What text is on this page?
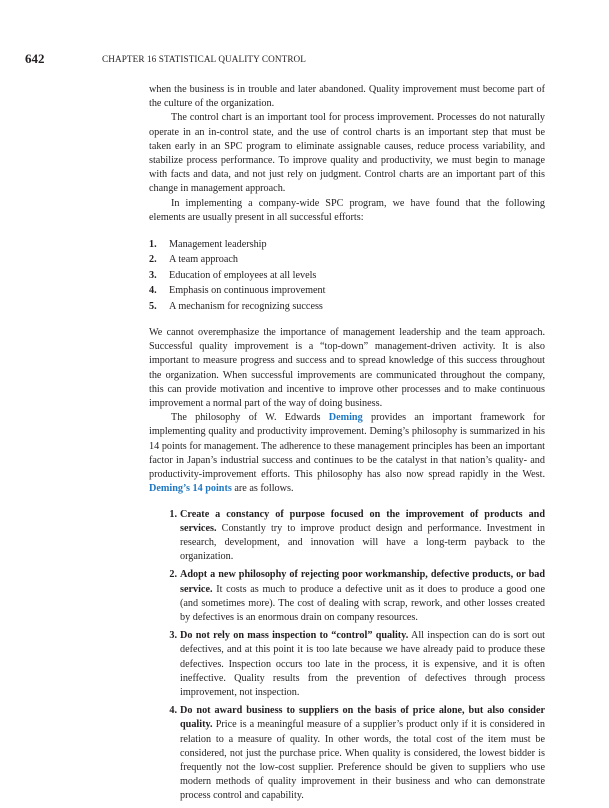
642	CHAPTER 16 STATISTICAL QUALITY CONTROL

when the business is in trouble and later abandoned. Quality improvement must become part of the culture of the organization.

The control chart is an important tool for process improvement. Processes do not naturally operate in an in-control state, and the use of control charts is an important step that must be taken early in an SPC program to eliminate assignable causes, reduce process variability, and stabilize process performance. To improve quality and productivity, we must begin to manage with facts and data, and not just rely on judgment. Control charts are an important part of this change in management approach.

In implementing a company-wide SPC program, we have found that the following elements are usually present in all successful efforts:

1. Management leadership
2. A team approach
3. Education of employees at all levels
4. Emphasis on continuous improvement
5. A mechanism for recognizing success

We cannot overemphasize the importance of management leadership and the team approach. Successful quality improvement is a “top-down” management-driven activity. It is also important to measure progress and success and to spread knowledge of this success throughout the organization. When successful improvements are communicated throughout the company, this can provide motivation and incentive to improve other processes and to make continuous improvement a normal part of the way of doing business.

The philosophy of W. Edwards Deming provides an important framework for implementing quality and productivity improvement. Deming’s philosophy is summarized in his 14 points for management. The adherence to these management principles has been an important factor in Japan’s industrial success and continues to be the catalyst in that nation’s quality- and productivity-improvement efforts. This philosophy has also now spread rapidly in the West. Deming’s 14 points are as follows.

1. Create a constancy of purpose focused on the improvement of products and services. Constantly try to improve product design and performance. Investment in research, development, and innovation will have a long-term payback to the organization.
2. Adopt a new philosophy of rejecting poor workmanship, defective products, or bad service. It costs as much to produce a defective unit as it does to produce a good one (and sometimes more). The cost of dealing with scrap, rework, and other losses created by defectives is an enormous drain on company resources.
3. Do not rely on mass inspection to “control” quality. All inspection can do is sort out defectives, and at this point it is too late because we have already paid to produce these defectives. Inspection occurs too late in the process, it is expensive, and it is often ineffective. Quality results from the prevention of defectives through process improvement, not inspection.
4. Do not award business to suppliers on the basis of price alone, but also consider quality. Price is a meaningful measure of a supplier’s product only if it is considered in relation to a measure of quality. In other words, the total cost of the item must be considered, not just the purchase price. When quality is considered, the lowest bidder is frequently not the low-cost supplier. Preference should be given to suppliers who use modern methods of quality improvement in their business and who can demonstrate process control and capability.
